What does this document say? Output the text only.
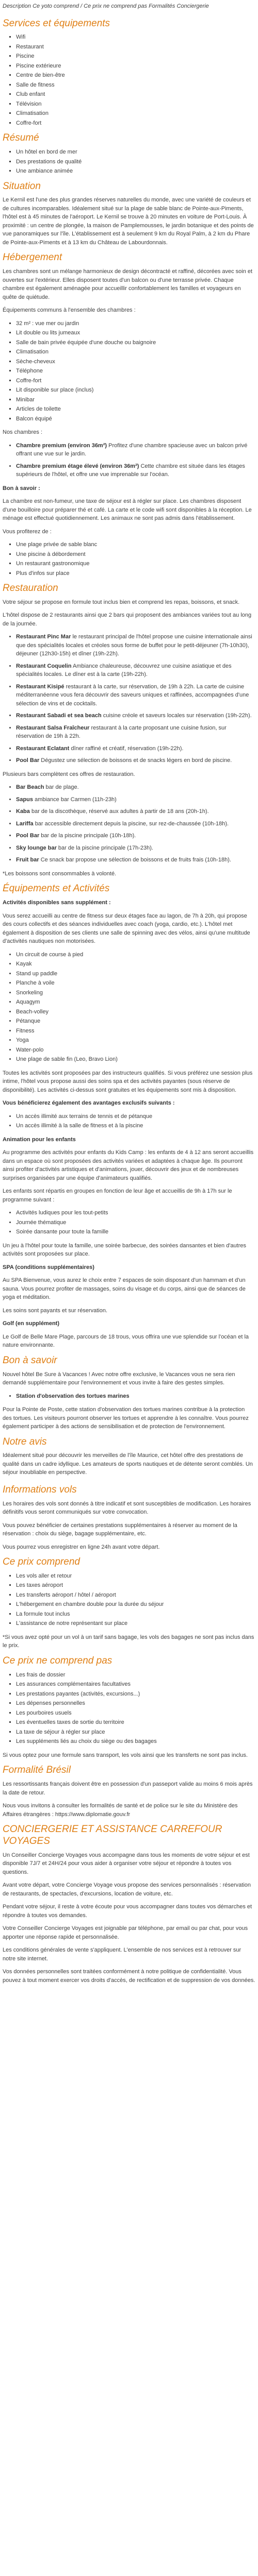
Description Ce yoto comprend / Ce prix ne comprend pas Formalités Concierge​rie

Services et équipements
▪ Wifi
▪ Restaurant
▪ Piscine
▪ Piscine extérieure
▪ Centre de bien-être
▪ Salle de fitness
▪ Club enfant
▪ Télévision
▪ Climatisation
▪ Coffre-fort
Résumé
▪ Un hôtel en bord de mer
▪ Des prestations de qualité
▪ Une ambiance animée
Situation

Le Kernil est l'une des plus grandes réserves naturelles du monde, avec une variété de couleurs et de cultures incomparables. Idéalement situé sur la plage de sable blanc de Pointe-aux-Piments, l'hôtel est à 45 minutes de l'aéroport. Le Kernil se trouve à 20 minutes en voiture de Port-Louis. À proximité : un centre de plongée, la maison de Pamplemousses, le jardin botanique et des points de vue panoramiques sur l'île. L'établissement est à seulement 9 km du Royal Palm, à 2 km du Phare de Pointe-aux-Piments et à 13 km du Château de Labourdonnais.

Hébergement

Les chambres sont un mélange harmonieux de design décontracté et raffiné, décorées avec soin et ouvertes sur l'extérieur. Elles disposent toutes d'un balcon ou d'une terrasse privée. Chaque chambre est également aménagée pour accueillir confortablement les familles et voyageurs en quête de quiétude.

Équipements communs à l'ensemble des chambres :

▪ 32 m² : vue mer ou jardin
▪ Lit double ou lits jumeaux
▪ Salle de bain privée équipée d'une douche ou baignoire
▪ Climatisation
▪ Sèche-cheveux
▪ Téléphone
▪ Coffre-fort
▪ Lit disponible sur place (inclus)
▪ Minibar
▪ Articles de toilette
▪ Balcon équipé

Nos chambres :

• Chambre premium (environ 36m²) Profitez d'une chambre spacieuse avec un balcon privé offrant une vue sur le jardin.
• Chambre premium étage élevé (environ 36m²) Cette chambre est située dans les étages supérieurs de l'hôtel, et offre une vue imprenable sur l'océan.

Bon à savoir :

La chambre est non-fumeur, une taxe de séjour est à régler sur place. Les chambres disposent d'une bouilloire pour préparer thé et café. La carte et le code wifi sont disponibles à la réception. Le ménage est effectué quotidiennement. Les animaux ne sont pas admis dans l'établissement.

Vous profiterez de :

▪ Une plage privée de sable blanc
▪ Une piscine à débordement
▪ Un restaurant gastronomique
▪ Plus d'infos sur place
Restauration

Votre séjour se propose en formule tout inclus bien et comprend les repas, boissons, et snack.

L'hôtel dispose de 2 restaurants ainsi que 2 bars qui proposent des ambiances variées tout au long de la journée.

• Restaurant Pinc Mar le restaurant principal de l'hôtel propose une cuisine internationale ainsi que des spécialités locales et créoles sous forme de buffet pour le petit-déjeuner (7h-10h30), déjeuner (12h30-15h) et dîner (19h-22h).
• Restaurant Coquelin Ambiance chaleureuse, découvrez une cuisine asiatique et des spécialités locales. Le dîner est à la carte (19h-22h).
• Restaurant Kisipé restaurant à la carte, sur réservation, de 19h à 22h. La carte de cuisine méditerranéenne vous fera découvrir des saveurs uniques et raffinées, accompagnées d'une sélection de vins et de cocktails.
• Restaurant Sabadi et sea beach cuisine créole et saveurs locales sur réservation (19h-22h).
• Restaurant Salsa Fraîcheur restaurant à la carte proposant une cuisine fusion, sur réservation de 19h à 22h.
• Restaurant Eclatant dîner raffiné et créatif, réservation (19h-22h).
• Pool Bar Dégustez une sélection de boissons et de snacks légers en bord de piscine.

Plusieurs bars complètent ces offres de restauration.

• Bar Beach bar de plage.
• Sapus ambiance bar Carmen (11h-23h)
• Kaba bar de la discothèque, réservé aux adultes à partir de 18 ans (20h-1h).
• Lariffa bar accessible directement depuis la piscine, sur rez-de-chaussée (10h-18h).
• Pool Bar bar de la piscine principale (10h-18h).
• Sky lounge bar bar de la piscine principale (17h-23h).
• Fruit bar Ce snack bar propose une sélection de boissons et de fruits frais (10h-18h).

*Les boissons sont consommables à volonté.

Équipements et Activités

Activités disponibles sans supplément :

Vous serez accueilli au centre de fitness sur deux étages face au lagon, de 7h à 20h, qui propose des cours collectifs et des séances individuelles avec coach (yoga, cardio, etc.). L'hôtel met également à disposition de ses clients une salle de spinning avec des vélos, ainsi qu'une multitude d'activités nautiques non motorisées.

• Un circuit de course à pied
• Kayak
• Stand up paddle
• Planche à voile
• Snorkeling
• Aquagym
• Beach-volley
• Pétanque
• Fitness
• Yoga
• Water-polo
• Une plage de sable fin (Leo, Bravo Lion)

Toutes les activités sont proposées par des instructeurs qualifiés. Si vous préférez une session plus intime, l'hôtel vous propose aussi des soins spa et des activités payantes (sous réserve de disponibilité). Les activités ci-dessus sont gratuites et les équipements sont mis à disposition.

Vous bénéficierez également des avantages exclusifs suivants :

• Un accès illimité aux terrains de tennis et de pétanque
• Un accès illimité à la salle de fitness et à la piscine

Animation pour les enfants

Au programme des activités pour enfants du Kids Camp : les enfants de 4 à 12 ans seront accueillis dans un espace où sont proposées des activités variées et adaptées à chaque âge. Ils pourront ainsi profiter d'activités artistiques et d'animations, jouer, découvrir des jeux et de nombreuses surprises organisées par une équipe d'animateurs qualifiés.

Les enfants sont répartis en groupes en fonction de leur âge et accueillis de 9h à 17h sur le programme suivant :

• Activités ludiques pour les tout-petits
• Journée thématique
• Soirée dansante pour toute la famille

Un jeu à l'hôtel pour toute la famille, une soirée barbecue, des soirées dansantes et bien d'autres activités sont proposées sur place.

SPA (conditions supplémentaires)

Au SPA Bienvenue, vous aurez le choix entre 7 espaces de soin disposant d'un hammam et d'un sauna. Vous pourrez profiter de massages, soins du visage et du corps, ainsi que de séances de yoga et méditation.

Les soins sont payants et sur réservation.

Golf (en supplément)

Le Golf de Belle Mare Plage, parcours de 18 trous, vous offrira une vue splendide sur l'océan et la nature environnante.

Bon à savoir

Nouvel hôtel Be Sure à Vacances ! Avec notre offre exclusive, le Vacances vous ne sera rien demandé supplémentaire pour l'environnement et vous invite à faire des gestes simples.

• Station d'observation des tortues marines

Pour la Pointe de Poste, cette station d'observation des tortues marines contribue à la protection des tortues. Les visiteurs pourront observer les tortues et apprendre à les connaître. Vous pourrez également participer à des actions de sensibilisation et de protection de l'environnement.

Notre avis

Idéalement situé pour découvrir les merveilles de l'île Maurice, cet hôtel offre des prestations de qualité dans un cadre idyllique. Les amateurs de sports nautiques et de détente seront comblés. Un séjour inoubliable en perspective.

Informations vols

Les horaires des vols sont donnés à titre indicatif et sont susceptibles de modification. Les horaires définitifs vous seront communiqués sur votre convocation.

Vous pouvez bénéficier de certaines prestations supplémentaires à réserver au moment de la réservation : choix du siège, bagage supplémentaire, etc.

Vous pourrez vous enregistrer en ligne 24h avant votre départ.

Ce prix comprend
▪ Les vols aller et retour
▪ Les taxes aéroport
▪ Les transferts aéroport / hôtel / aéroport
▪ L'hébergement en chambre double pour la durée du séjour
▪ La formule tout inclus
▪ L'assistance de notre représentant sur place

*Si vous avez opté pour un vol à un tarif sans bagage, les vols des bagages ne sont pas inclus dans le prix.

Ce prix ne comprend pas
▪ Les frais de dossier
▪ Les assurances complémentaires facultatives
▪ Les prestations payantes (activités, excursions...)
▪ Les dépenses personnelles
▪ Les pourboires usuels
▪ Les éventuelles taxes de sortie du territoire
▪ La taxe de séjour à régler sur place
▪ Les suppléments liés au choix du siège ou des bagages

Si vous optez pour une formule sans transport, les vols ainsi que les transferts ne sont pas inclus.

Formalité Brésil

Les ressortissants français doivent être en possession d'un passeport valide au moins 6 mois après la date de retour.

Nous vous invitons à consulter les formalités de santé et de police sur le site du Ministère des Affaires étrangères : https://www.diplomatie.gouv.fr

CONCIERGERIE ET ASSISTANCE CARREFOUR VOYAGES

Un Conseiller Concierge Voyages vous accompagne dans tous les moments de votre séjour et est disponible 7J/7 et 24H/24 pour vous aider à organiser votre séjour et répondre à toutes vos questions.

Avant votre départ, votre Concierge Voyage vous propose des services personnalisés : réservation de restaurants, de spectacles, d'excursions, location de voiture, etc.

Pendant votre séjour, il reste à votre écoute pour vous accompagner dans toutes vos démarches et répondre à toutes vos demandes.

Votre Conseiller Concierge Voyages est joignable par téléphone, par email ou par chat, pour vous apporter une réponse rapide et personnalisée.

Les conditions générales de vente s'appliquent. L'ensemble de nos services est à retrouver sur notre site internet.

Vos données personnelles sont traitées conformément à notre politique de confidentialité. Vous pouvez à tout moment exercer vos droits d'accès, de rectification et de suppression de vos données.
